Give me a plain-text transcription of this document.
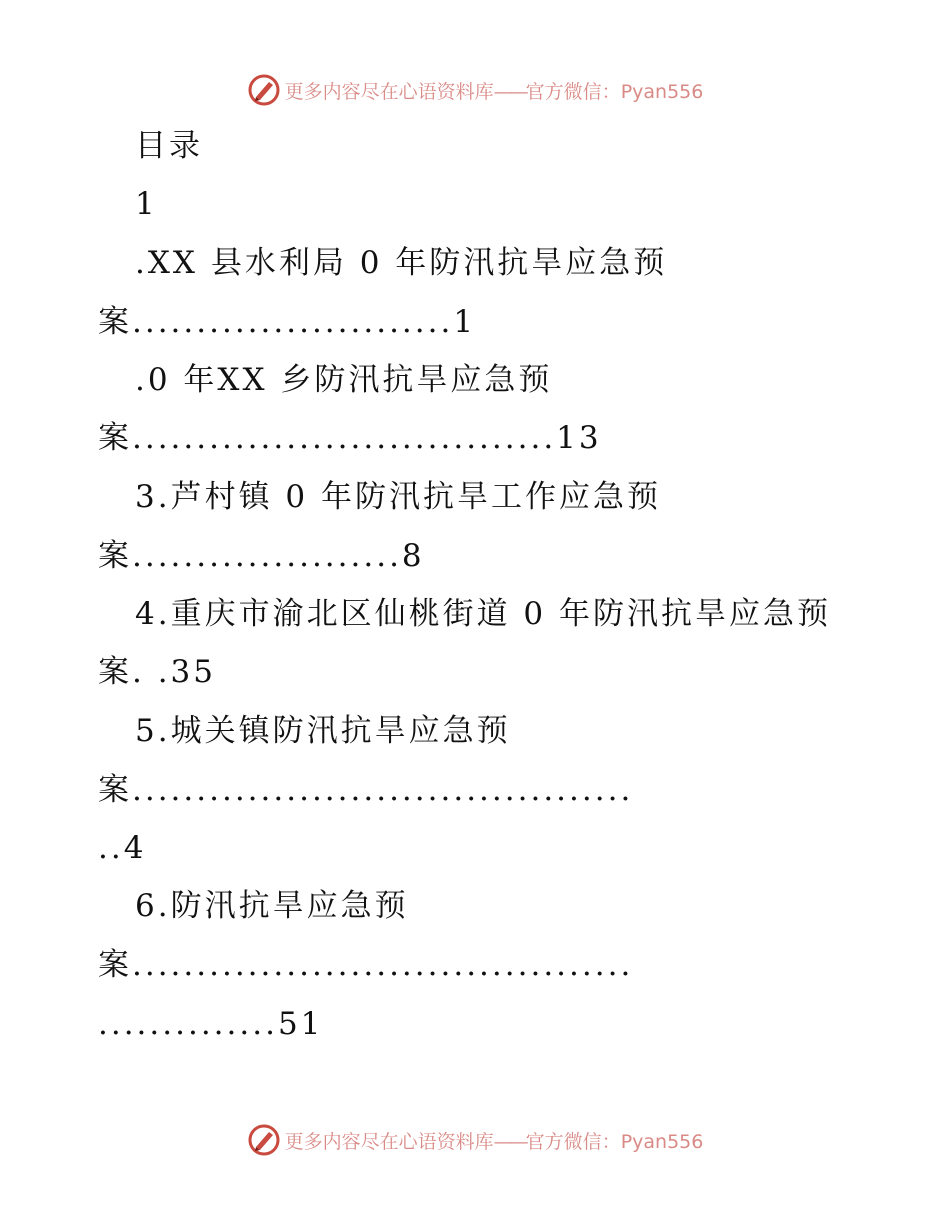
更多内容尽在心语资料库——官方微信：Pyan556
目录
1
.XX 县水利局 0 年防汛抗旱应急预
案.........................1
.0 年XX 乡防汛抗旱应急预
案.................................13
3.芦村镇 0 年防汛抗旱工作应急预
案.....................8
4.重庆市渝北区仙桃街道 0 年防汛抗旱应急预
案. .35
5.城关镇防汛抗旱应急预
案.......................................
..4
6.防汛抗旱应急预
案.......................................
..............51
更多内容尽在心语资料库——官方微信：Pyan556
